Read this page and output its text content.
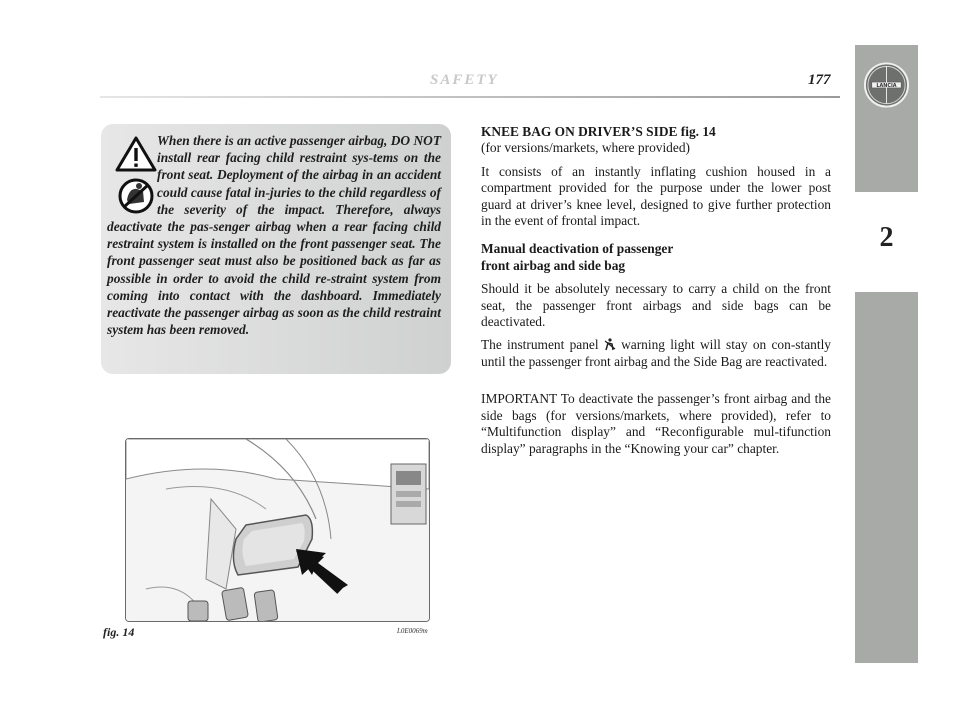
SAFETY	177	LANCIA
2

When there is an active passenger airbag, DO NOT install rear facing child restraint sys-tems on the front seat. Deployment of the airbag in an accident could cause fatal in-juries to the child regardless of the severity of the impact. Therefore, always deactivate the pas-senger airbag when a rear facing child restraint system is installed on the front passenger seat. The front passenger seat must also be positioned back as far as possible in order to avoid the child re-straint system from coming into contact with the dashboard. Immediately reactivate the passenger airbag as soon as the child restraint system has been removed.

fig. 14	L0E0069m

KNEE BAG ON DRIVER’S SIDE fig. 14

(for versions/markets, where provided)

It consists of an instantly inflating cushion housed in a compartment provided for the purpose under the lower post guard at driver’s knee level, designed to give further protection in the event of frontal impact.

Manual deactivation of passenger

front airbag and side bag

Should it be absolutely necessary to carry a child on the front seat, the passenger front airbags and side bags can be deactivated.

The instrument panel warning light will stay on con-stantly until the passenger front airbag and the Side Bag are reactivated.

IMPORTANT To deactivate the passenger’s front airbag and the side bags (for versions/markets, where provided), refer to “Multifunction display” and “Reconfigurable mul-tifunction display” paragraphs in the “Knowing your car” chapter.
